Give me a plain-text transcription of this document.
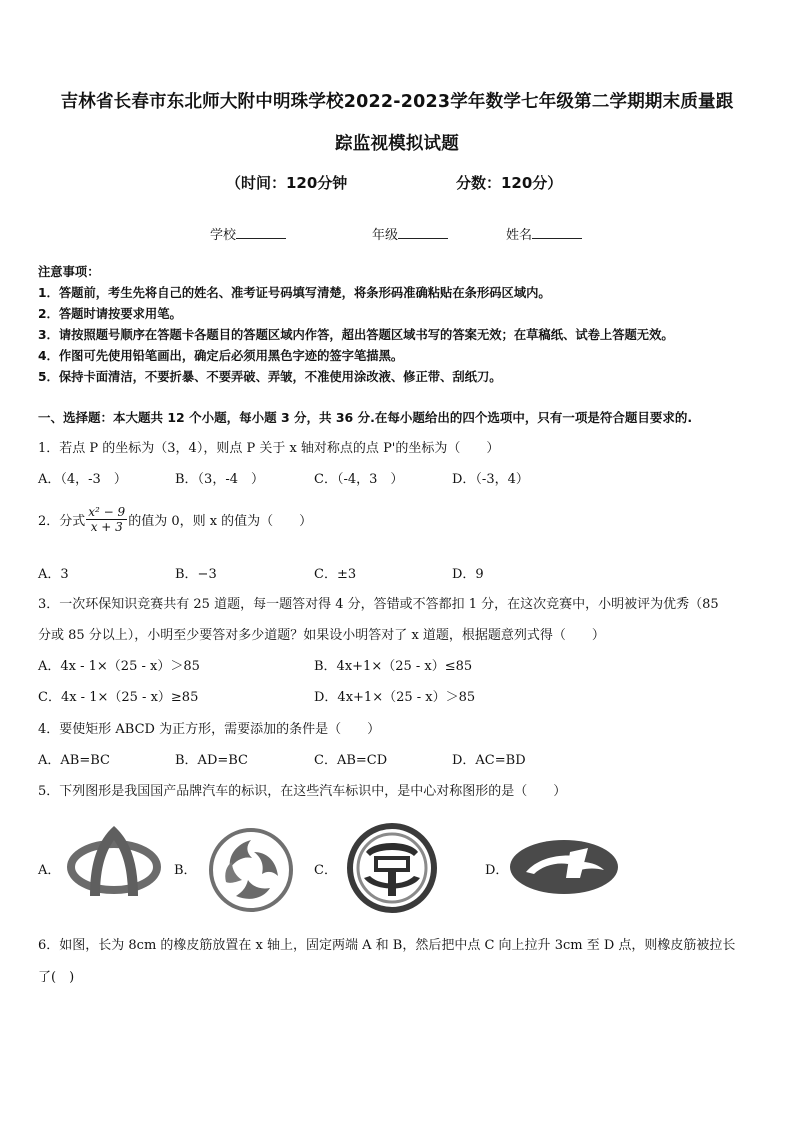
吉林省长春市东北师大附中明珠学校2022-2023学年数学七年级第二学期期末质量跟
踪监视模拟试题
（时间：120分钟	分数：120分）
学校	年级	姓名
注意事项：
1．答题前，考生先将自己的姓名、准考证号码填写清楚，将条形码准确粘贴在条形码区域内。
2．答题时请按要求用笔。
3．请按照题号顺序在答题卡各题目的答题区域内作答，超出答题区域书写的答案无效；在草稿纸、试卷上答题无效。
4．作图可先使用铅笔画出，确定后必须用黑色字迹的签字笔描黑。
5．保持卡面清洁，不要折暴、不要弄破、弄皱，不准使用涂改液、修正带、刮纸刀。
一、选择题：本大题共 12 个小题，每小题 3 分，共 36 分.在每小题给出的四个选项中，只有一项是符合题目要求的.
1．若点 P 的坐标为（3，4），则点 P 关于 x 轴对称点的点 P'的坐标为（　　）
A．（4，-3　）	B．（3，-4　）	C．（-4，3　）	D．（-3，4）
2．分式 $\frac{\text{x² − 9}}{x + 3}$ 的值为 0，则 x 的值为（　　）
A．3	B．−3	C．±3	D．9
3．一次环保知识竞赛共有 25 道题，每一题答对得 4 分，答错或不答都扣 1 分，在这次竞赛中，小明被评为优秀（85
分或 85 分以上），小明至少要答对多少道题？如果设小明答对了 x 道题，根据题意列式得（　　）
A．4x - 1×（25 - x）＞85	B．4x+1×（25 - x）≤85
C．4x - 1×（25 - x）≥85	D．4x+1×（25 - x）＞85
4．要使矩形 ABCD 为正方形，需要添加的条件是（　　）
A．AB=BC	B．AD=BC	C．AB=CD	D．AC=BD
5．下列图形是我国国产品牌汽车的标识，在这些汽车标识中，是中心对称图形的是（　　）
A．	B．	C．	D．
6．如图，长为 8cm 的橡皮筋放置在 x 轴上，固定两端 A 和 B，然后把中点 C 向上拉升 3cm 至 D 点，则橡皮筋被拉长
了(　)
